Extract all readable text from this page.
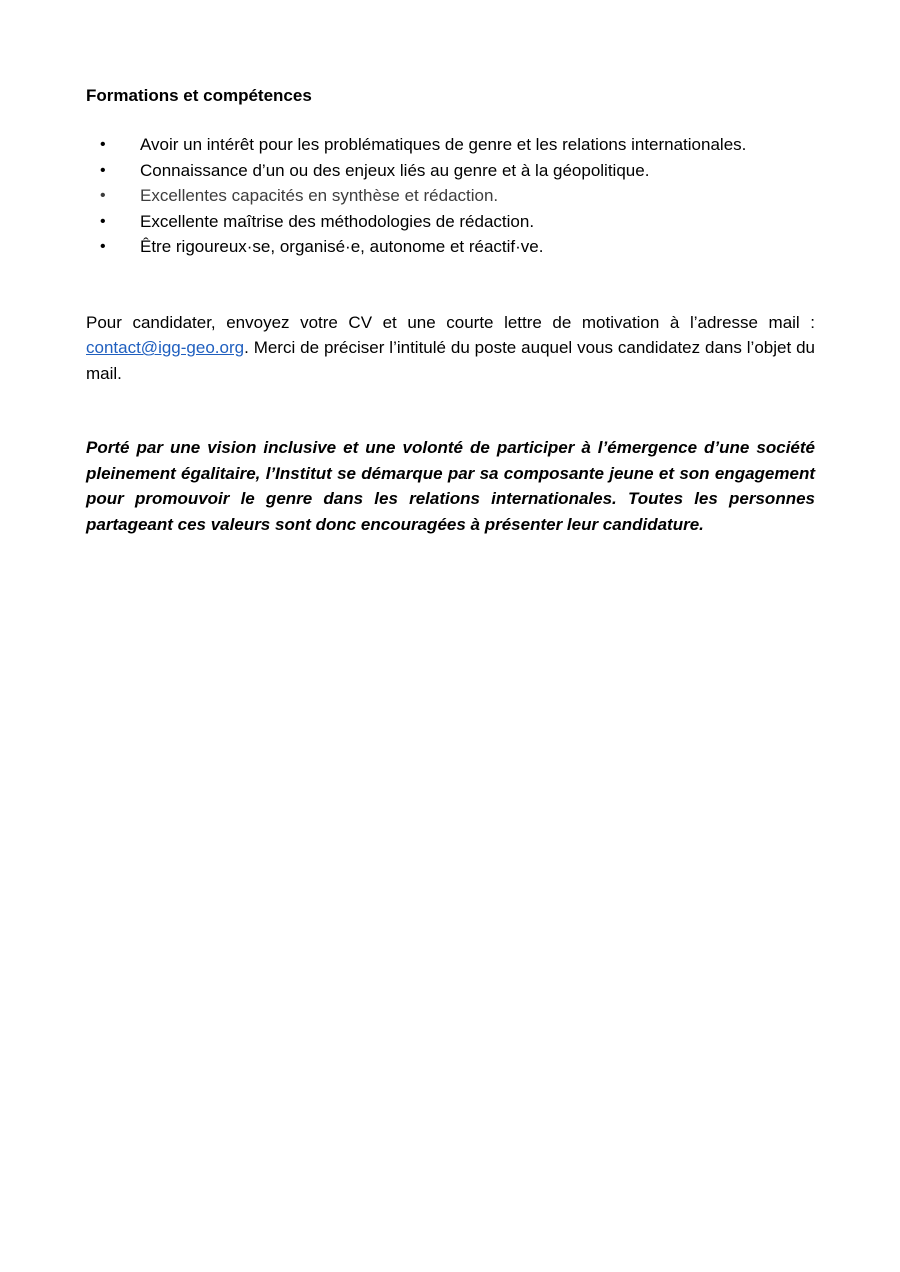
Formations et compétences
• Avoir un intérêt pour les problématiques de genre et les relations internationales.
• Connaissance d’un ou des enjeux liés au genre et à la géopolitique.
• Excellentes capacités en synthèse et rédaction.
• Excellente maîtrise des méthodologies de rédaction.
• Être rigoureux·se, organisé·e, autonome et réactif·ve.

Pour candidater, envoyez votre CV et une courte lettre de motivation à l’adresse mail : contact@igg-geo.org. Merci de préciser l’intitulé du poste auquel vous candidatez dans l’objet du mail.

Porté par une vision inclusive et une volonté de participer à l’émergence d’une société pleinement égalitaire, l’Institut se démarque par sa composante jeune et son engagement pour promouvoir le genre dans les relations internationales. Toutes les personnes partageant ces valeurs sont donc encouragées à présenter leur candidature.
